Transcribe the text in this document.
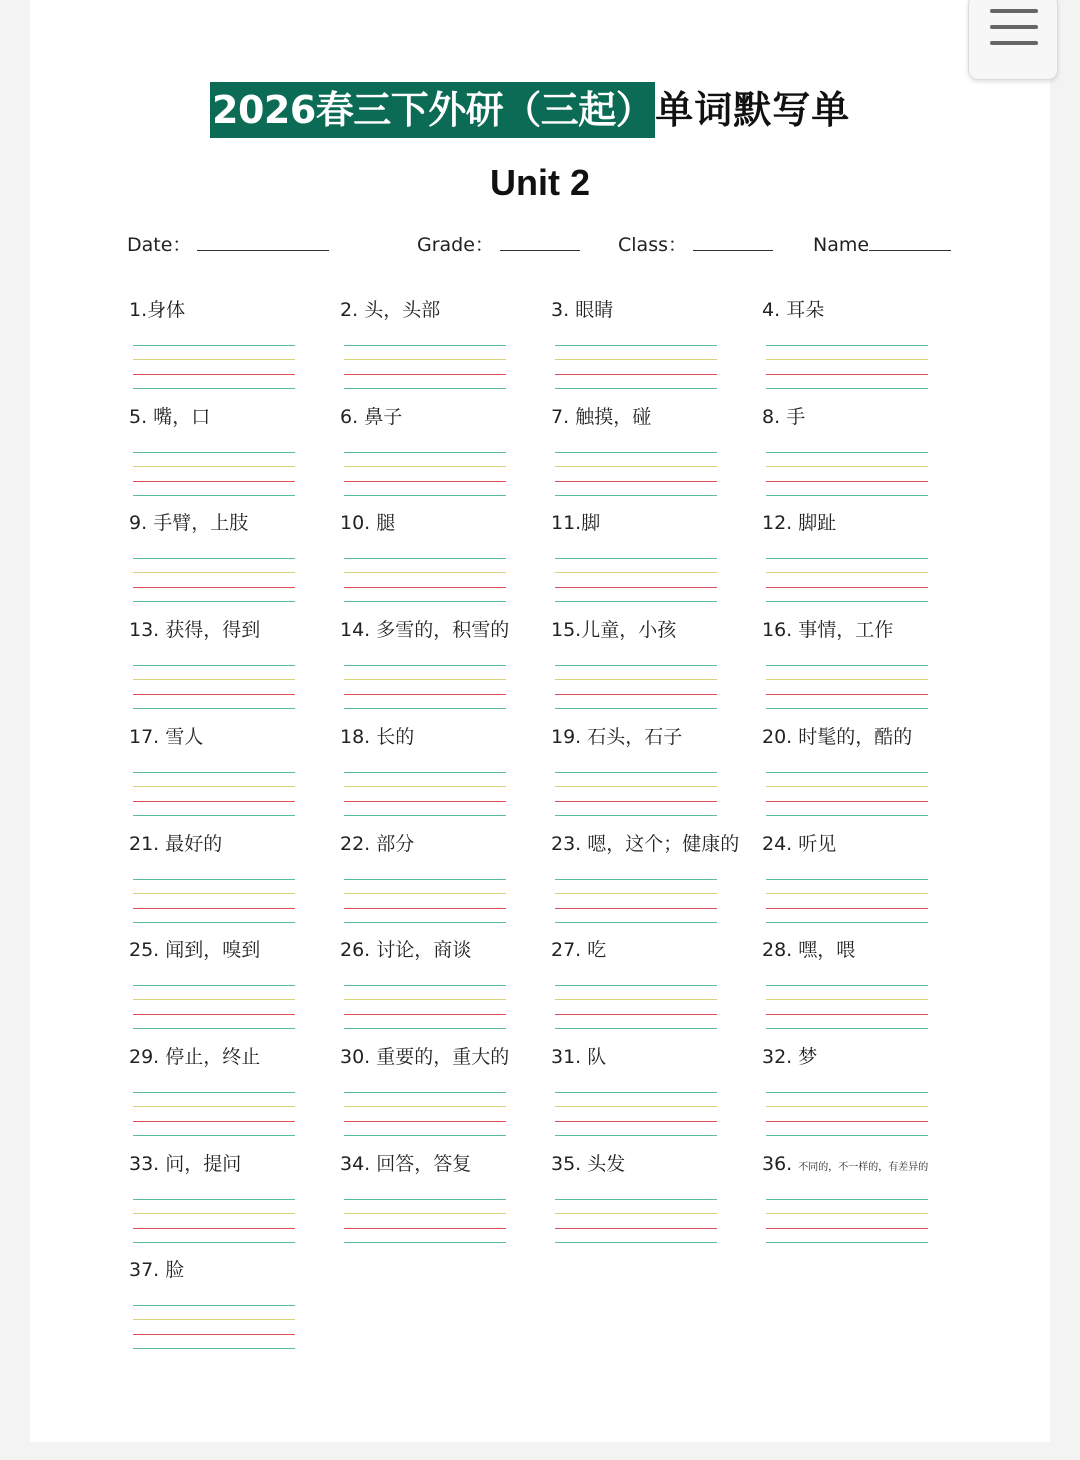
2026春三下外研（三起） 单词默写单
Unit 2
Date：	Grade：	Class：	Name
1.身体	2. 头，头部	3. 眼睛	4. 耳朵
5. 嘴，口	6. 鼻子	7. 触摸，碰	8. 手
9. 手臂，上肢	10. 腿	11.脚	12. 脚趾
13. 获得，得到	14. 多雪的，积雪的 15.儿童，小孩	16. 事情，工作
17. 雪人	18. 长的	19. 石头，石子	20. 时髦的，酷的
21. 最好的	22. 部分	23. 嗯，这个；健康的 24. 听见
25. 闻到，嗅到	26. 讨论，商谈	27. 吃	28. 嘿，喂
29. 停止，终止	30. 重要的，重大的 31. 队	32. 梦
33. 问，提问	34. 回答，答复	35. 头发	36. 不同的，不一样的，有差异的
37. 脸
